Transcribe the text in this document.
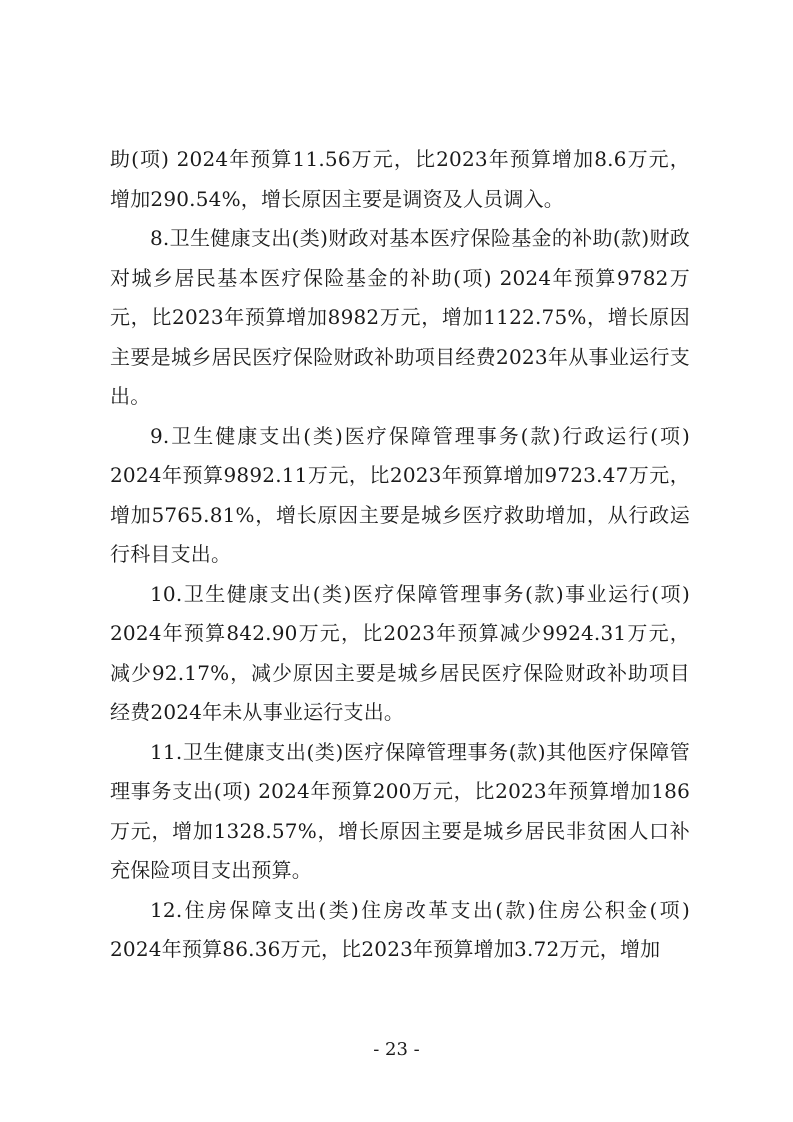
助(项) 2024年预算11.56万元，比2023年预算增加8.6万元，增加290.54%，增长原因主要是调资及人员调入。

8.卫生健康支出(类)财政对基本医疗保险基金的补助(款)财政对城乡居民基本医疗保险基金的补助(项) 2024年预算9782万元，比2023年预算增加8982万元，增加1122.75%，增长原因主要是城乡居民医疗保险财政补助项目经费2023年从事业运行支出。

9.卫生健康支出(类)医疗保障管理事务(款)行政运行(项) 2024年预算9892.11万元，比2023年预算增加9723.47万元，增加5765.81%，增长原因主要是城乡医疗救助增加，从行政运行科目支出。

10.卫生健康支出(类)医疗保障管理事务(款)事业运行(项) 2024年预算842.90万元，比2023年预算减少9924.31万元，减少92.17%，减少原因主要是城乡居民医疗保险财政补助项目经费2024年未从事业运行支出。

11.卫生健康支出(类)医疗保障管理事务(款)其他医疗保障管理事务支出(项) 2024年预算200万元，比2023年预算增加186万元，增加1328.57%，增长原因主要是城乡居民非贫困人口补充保险项目支出预算。

12.住房保障支出(类)住房改革支出(款)住房公积金(项) 2024年预算86.36万元，比2023年预算增加3.72万元，增加

- 23 -
